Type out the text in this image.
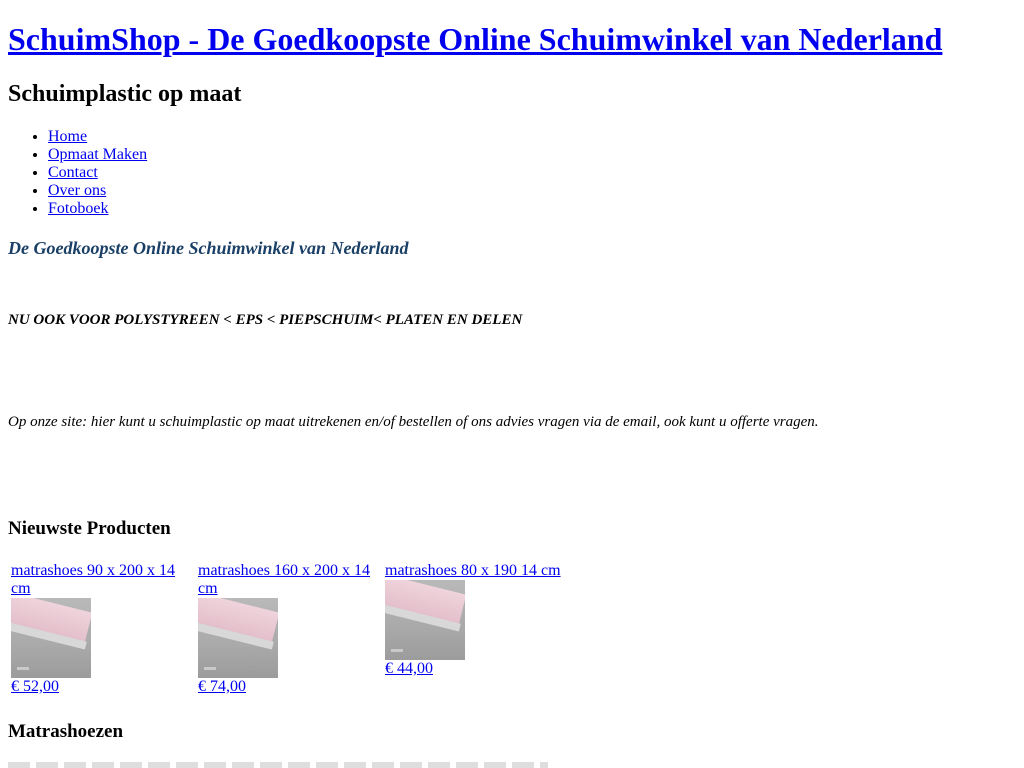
SchuimShop - De Goedkoopste Online Schuimwinkel van Nederland
Schuimplastic op maat
• Home
• Opmaat Maken
• Contact
• Over ons
• Fotoboek

De Goedkoopste Online Schuimwinkel van Nederland

NU OOK VOOR POLYSTYREEN < EPS < PIEPSCHUIM< PLATEN EN DELEN

Op onze site: hier kunt u schuimplastic op maat uitrekenen en/of bestellen of ons advies vragen via de email, ook kunt u offerte vragen.

Nieuwste Producten
matrashoes 90 x 200 x 14 cm
€ 52,00
matrashoes 160 x 200 x 14 cm
€ 74,00
matrashoes 80 x 190 14 cm
€ 44,00
Matrashoezen
